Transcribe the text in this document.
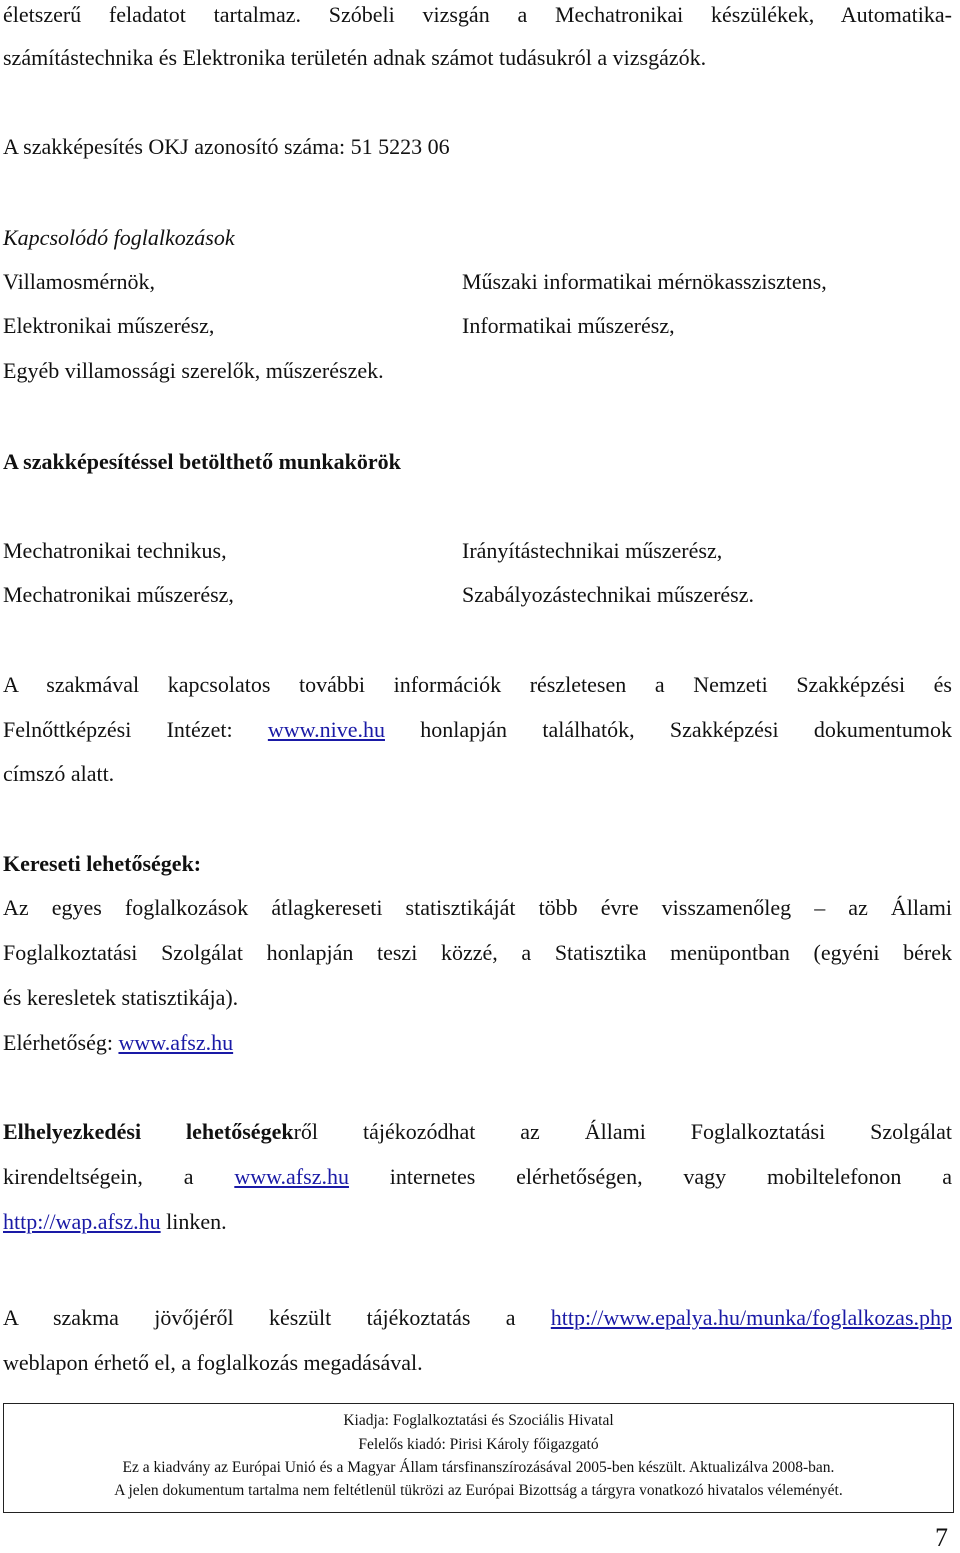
életszerű feladatot tartalmaz. Szóbeli vizsgán a Mechatronikai készülékek, Automatika-
számítástechnika és Elektronika területén adnak számot tudásukról a vizsgázók.
A szakképesítés OKJ azonosító száma: 51 5223 06
Kapcsolódó foglalkozások
Villamosmérnök,
Elektronikai műszerész,
Műszaki informatikai mérnökasszisztens,
Informatikai műszerész,
Egyéb villamossági szerelők, műszerészek.
A szakképesítéssel betölthető munkakörök
Mechatronikai technikus,
Mechatronikai műszerész,
Irányítástechnikai műszerész,
Szabályozástechnikai műszerész.
A szakmával kapcsolatos további információk részletesen a Nemzeti Szakképzési és
Felnőttképzési Intézet: www.nive.hu honlapján találhatók, Szakképzési dokumentumok
címszó alatt.
Kereseti lehetőségek:
Az egyes foglalkozások átlagkereseti statisztikáját több évre visszamenőleg – az Állami
Foglalkoztatási Szolgálat honlapján teszi közzé, a Statisztika menüpontban (egyéni bérek
és keresletek statisztikája).
Elérhetőség: www.afsz.hu
Elhelyezkedési lehetőségekről tájékozódhat az Állami Foglalkoztatási Szolgálat
kirendeltségein, a www.afsz.hu internetes elérhetőségen, vagy mobiltelefonon a
http://wap.afsz.hu linken.
A szakma jövőjéről készült tájékoztatás a http://www.epalya.hu/munka/foglalkozas.php
weblapon érhető el, a foglalkozás megadásával.
Kiadja: Foglalkoztatási és Szociális Hivatal
Felelős kiadó: Pirisi Károly főigazgató
Ez a kiadvány az Európai Unió és a Magyar Állam társfinanszírozásával 2005-ben készült. Aktualizálva 2008-ban.
A jelen dokumentum tartalma nem feltétlenül tükrözi az Európai Bizottság a tárgyra vonatkozó hivatalos véleményét.
7
